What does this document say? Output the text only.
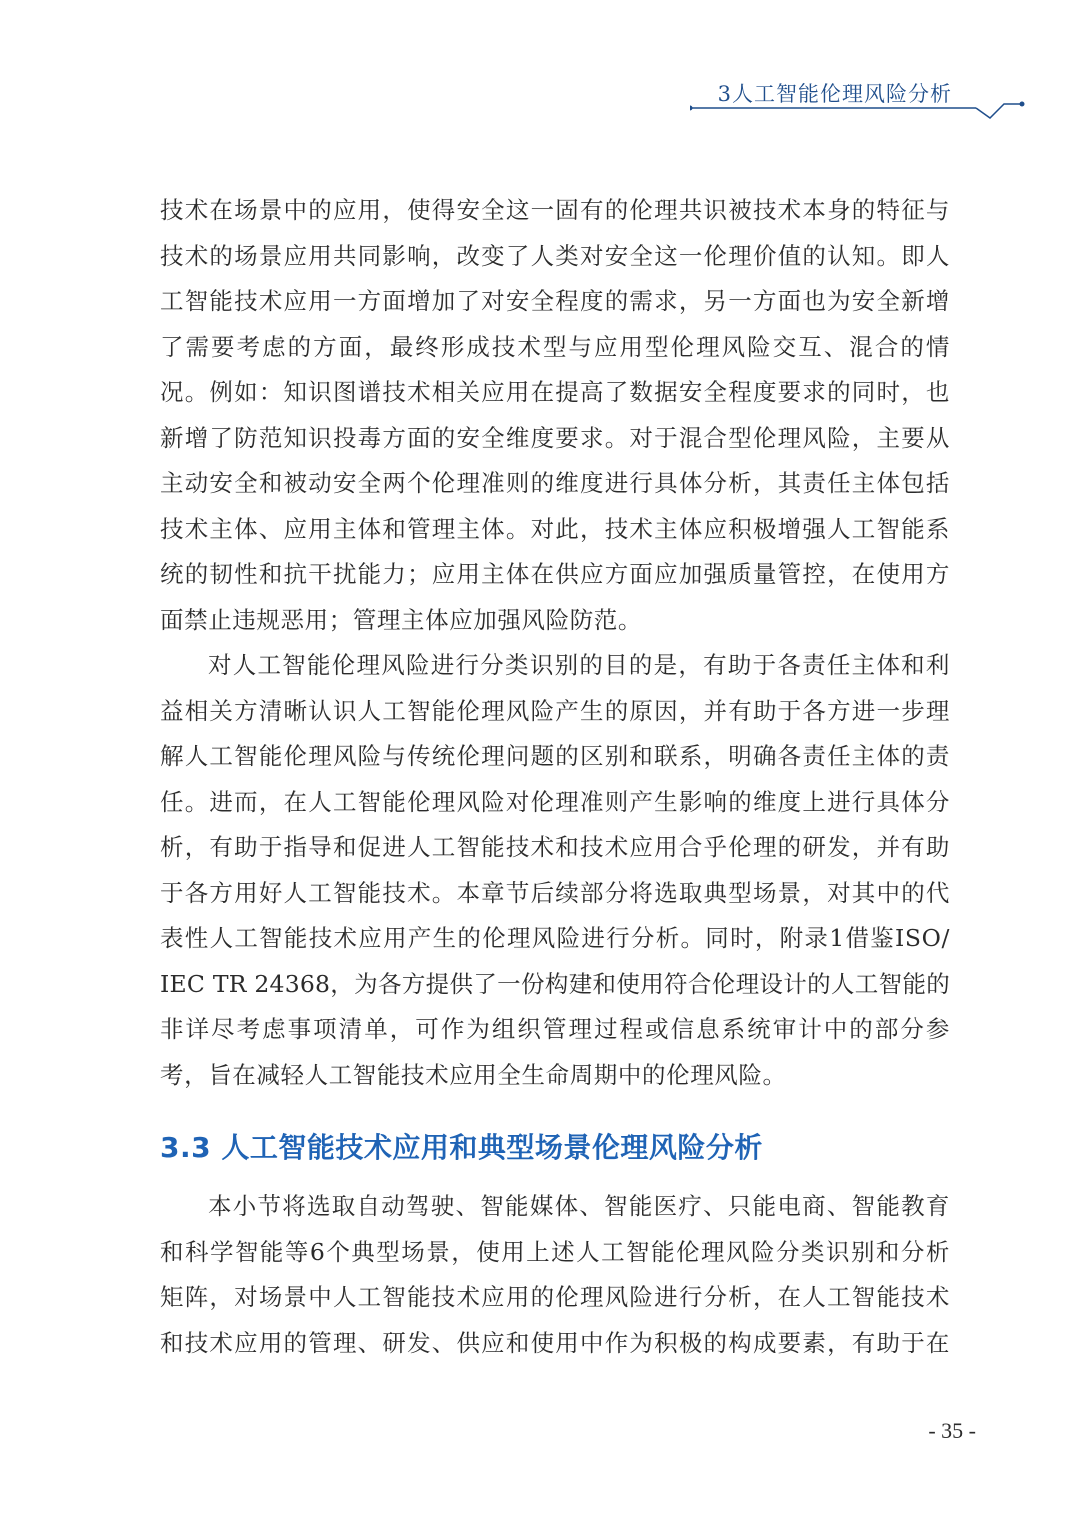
3人工智能伦理风险分析
技术在场景中的应用，使得安全这一固有的伦理共识被技术本身的特征与
技术的场景应用共同影响，改变了人类对安全这一伦理价值的认知。即人
工智能技术应用一方面增加了对安全程度的需求，另一方面也为安全新增
了需要考虑的方面，最终形成技术型与应用型伦理风险交互、混合的情
况。例如：知识图谱技术相关应用在提高了数据安全程度要求的同时，也
新增了防范知识投毒方面的安全维度要求。对于混合型伦理风险，主要从
主动安全和被动安全两个伦理准则的维度进行具体分析，其责任主体包括
技术主体、应用主体和管理主体。对此，技术主体应积极增强人工智能系
统的韧性和抗干扰能力；应用主体在供应方面应加强质量管控，在使用方
面禁止违规恶用；管理主体应加强风险防范。
对人工智能伦理风险进行分类识别的目的是，有助于各责任主体和利
益相关方清晰认识人工智能伦理风险产生的原因，并有助于各方进一步理
解人工智能伦理风险与传统伦理问题的区别和联系，明确各责任主体的责
任。进而，在人工智能伦理风险对伦理准则产生影响的维度上进行具体分
析，有助于指导和促进人工智能技术和技术应用合乎伦理的研发，并有助
于各方用好人工智能技术。本章节后续部分将选取典型场景，对其中的代
表性人工智能技术应用产生的伦理风险进行分析。同时，附录1借鉴ISO/
IEC TR 24368，为各方提供了一份构建和使用符合伦理设计的人工智能的
非详尽考虑事项清单，可作为组织管理过程或信息系统审计中的部分参
考，旨在减轻人工智能技术应用全生命周期中的伦理风险。
3.3 人工智能技术应用和典型场景伦理风险分析
本小节将选取自动驾驶、智能媒体、智能医疗、只能电商、智能教育
和科学智能等6个典型场景，使用上述人工智能伦理风险分类识别和分析
矩阵，对场景中人工智能技术应用的伦理风险进行分析，在人工智能技术
和技术应用的管理、研发、供应和使用中作为积极的构成要素，有助于在
- 35 -
